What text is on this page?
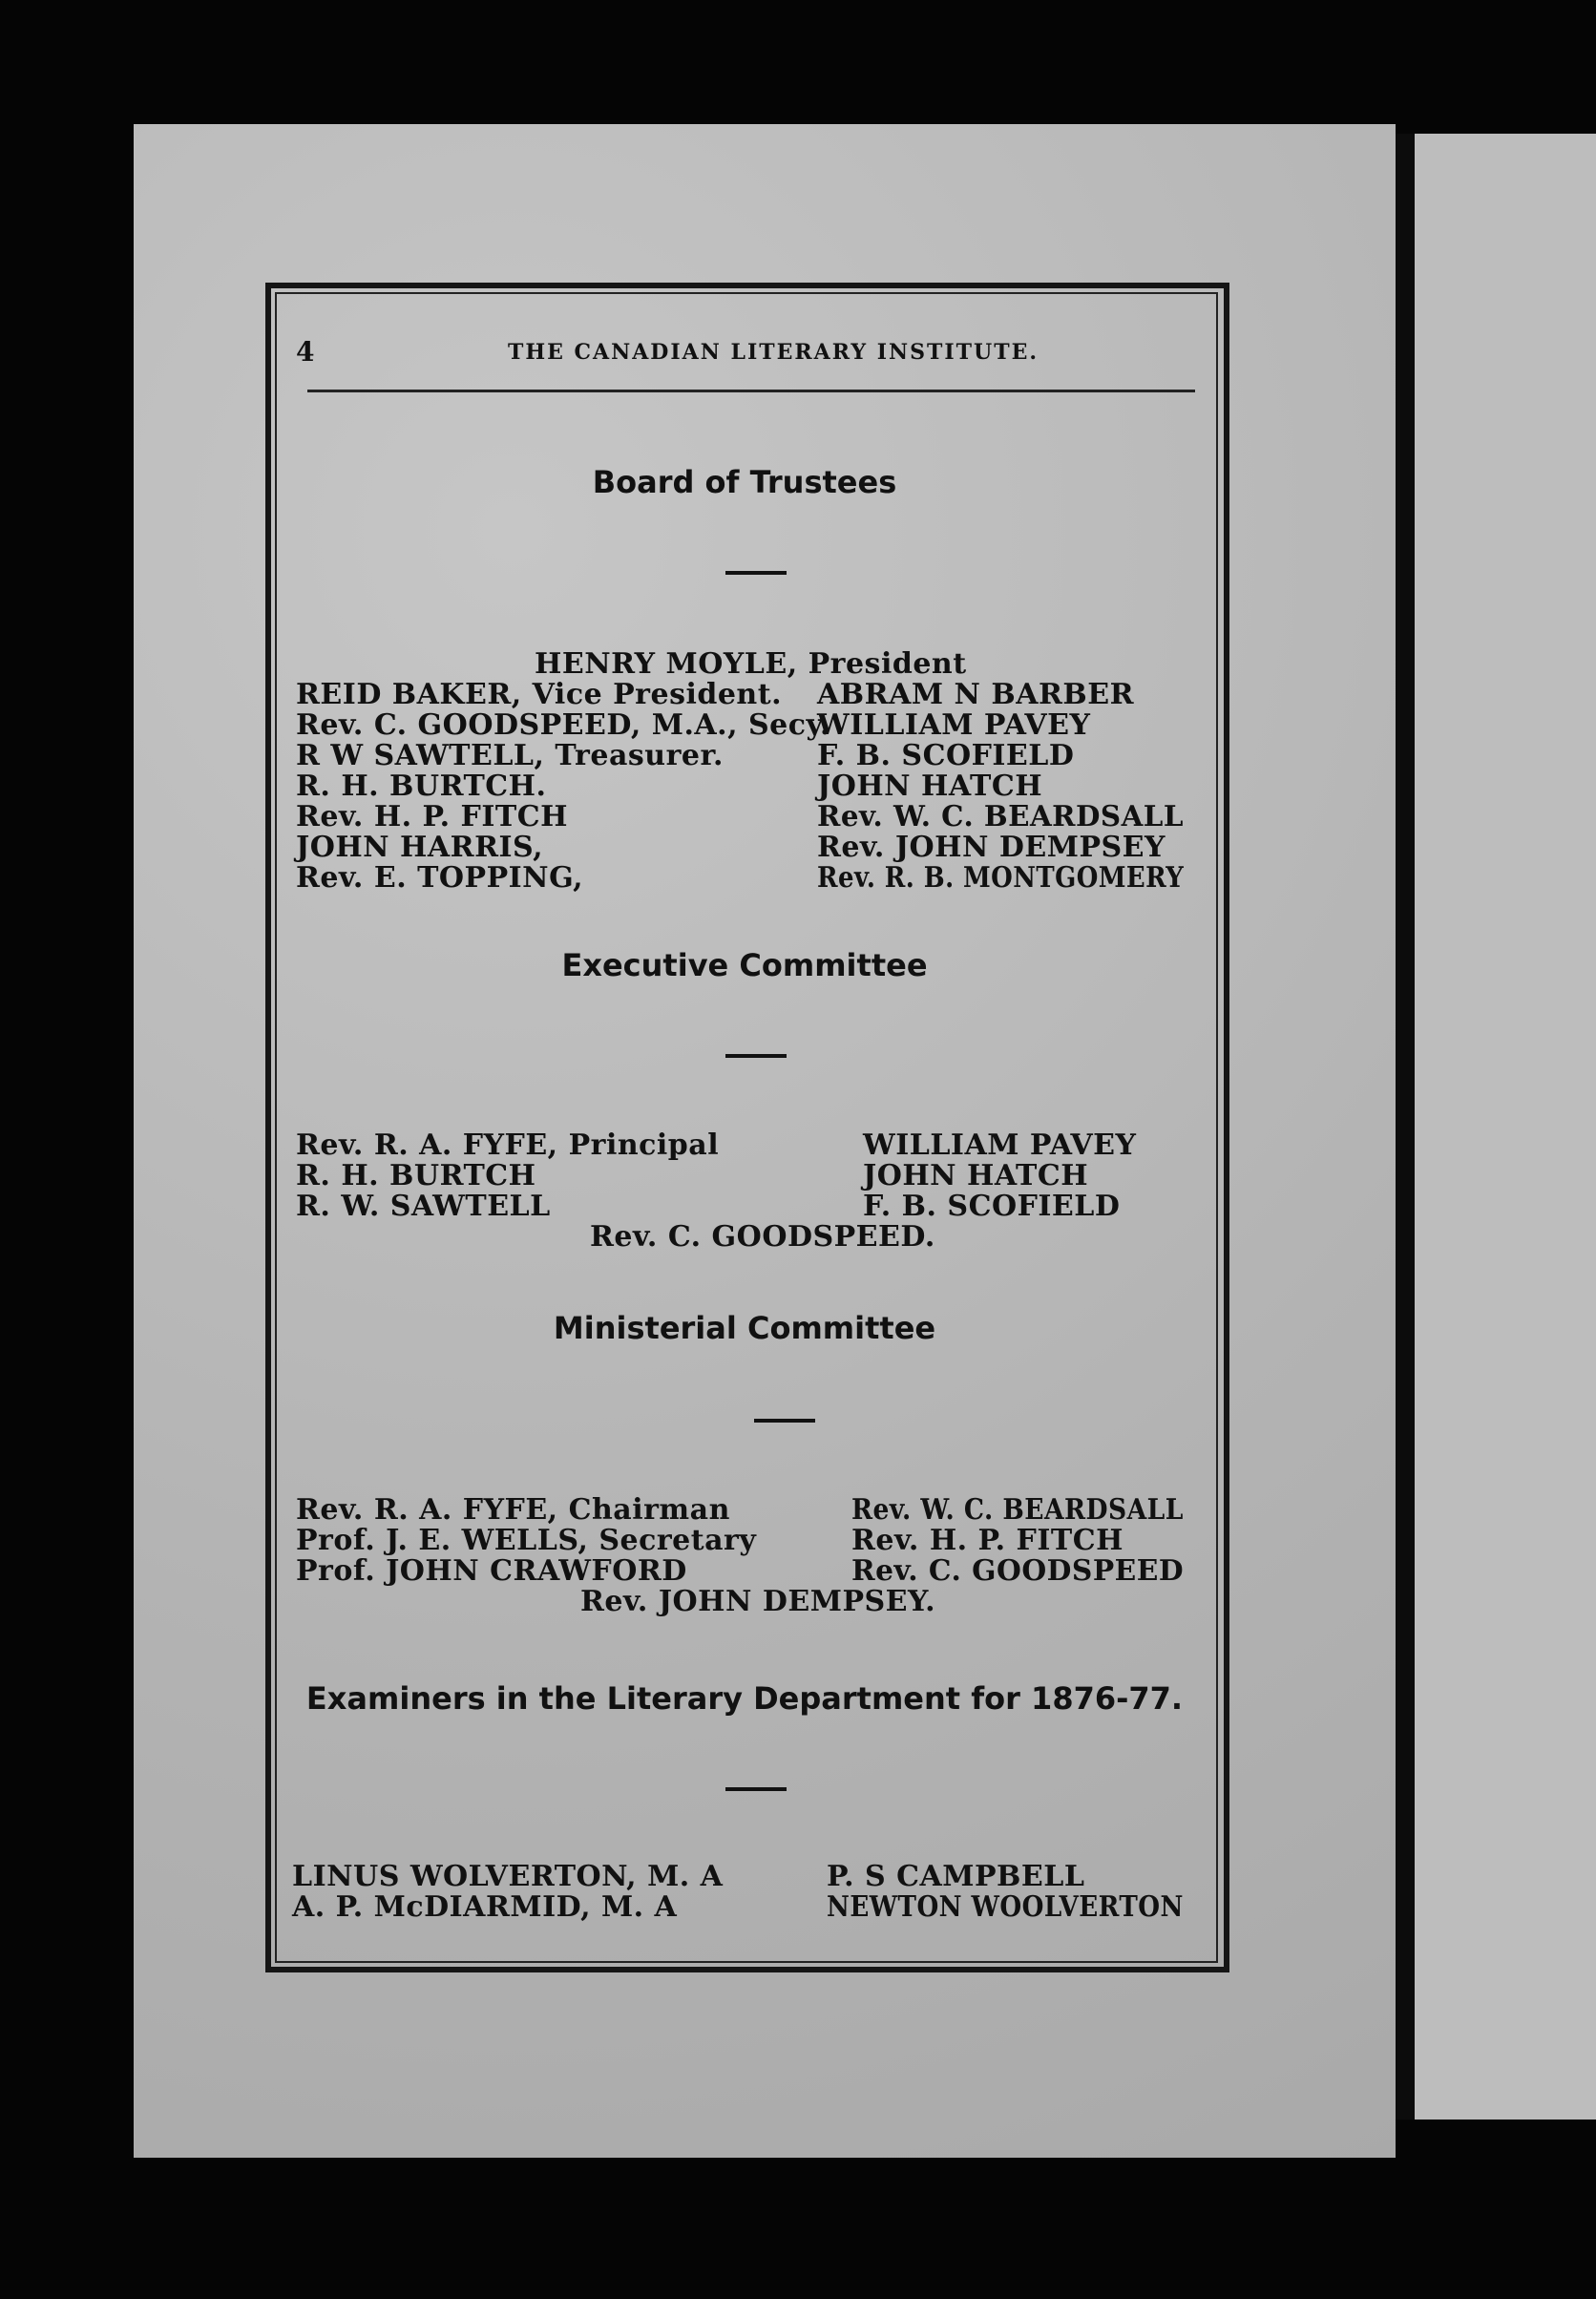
4	THE CANADIAN LITERARY INSTITUTE.
Board of Trustees
HENRY MOYLE, President
REID BAKER, Vice President.
Rev. C. GOODSPEED, M.A., Secy.
R W SAWTELL, Treasurer.
R. H. BURTCH.
Rev. H. P. FITCH
JOHN HARRIS,
Rev. E. TOPPING,
ABRAM N BARBER
WILLIAM PAVEY
F. B. SCOFIELD
JOHN HATCH
Rev. W. C. BEARDSALL
Rev. JOHN DEMPSEY
Rev. R. B. MONTGOMERY
Executive Committee
Rev. R. A. FYFE, Principal
R. H. BURTCH
R. W. SAWTELL
WILLIAM PAVEY
JOHN HATCH
F. B. SCOFIELD
Rev. C. GOODSPEED.
Ministerial Committee
Rev. R. A. FYFE, Chairman
Prof. J. E. WELLS, Secretary
Prof. JOHN CRAWFORD
Rev. W. C. BEARDSALL
Rev. H. P. FITCH
Rev. C. GOODSPEED
Rev. JOHN DEMPSEY.
Examiners in the Literary Department for 1876-77.
LINUS WOLVERTON, M. A
A. P. McDIARMID, M. A
P. S CAMPBELL
NEWTON WOOLVERTON
